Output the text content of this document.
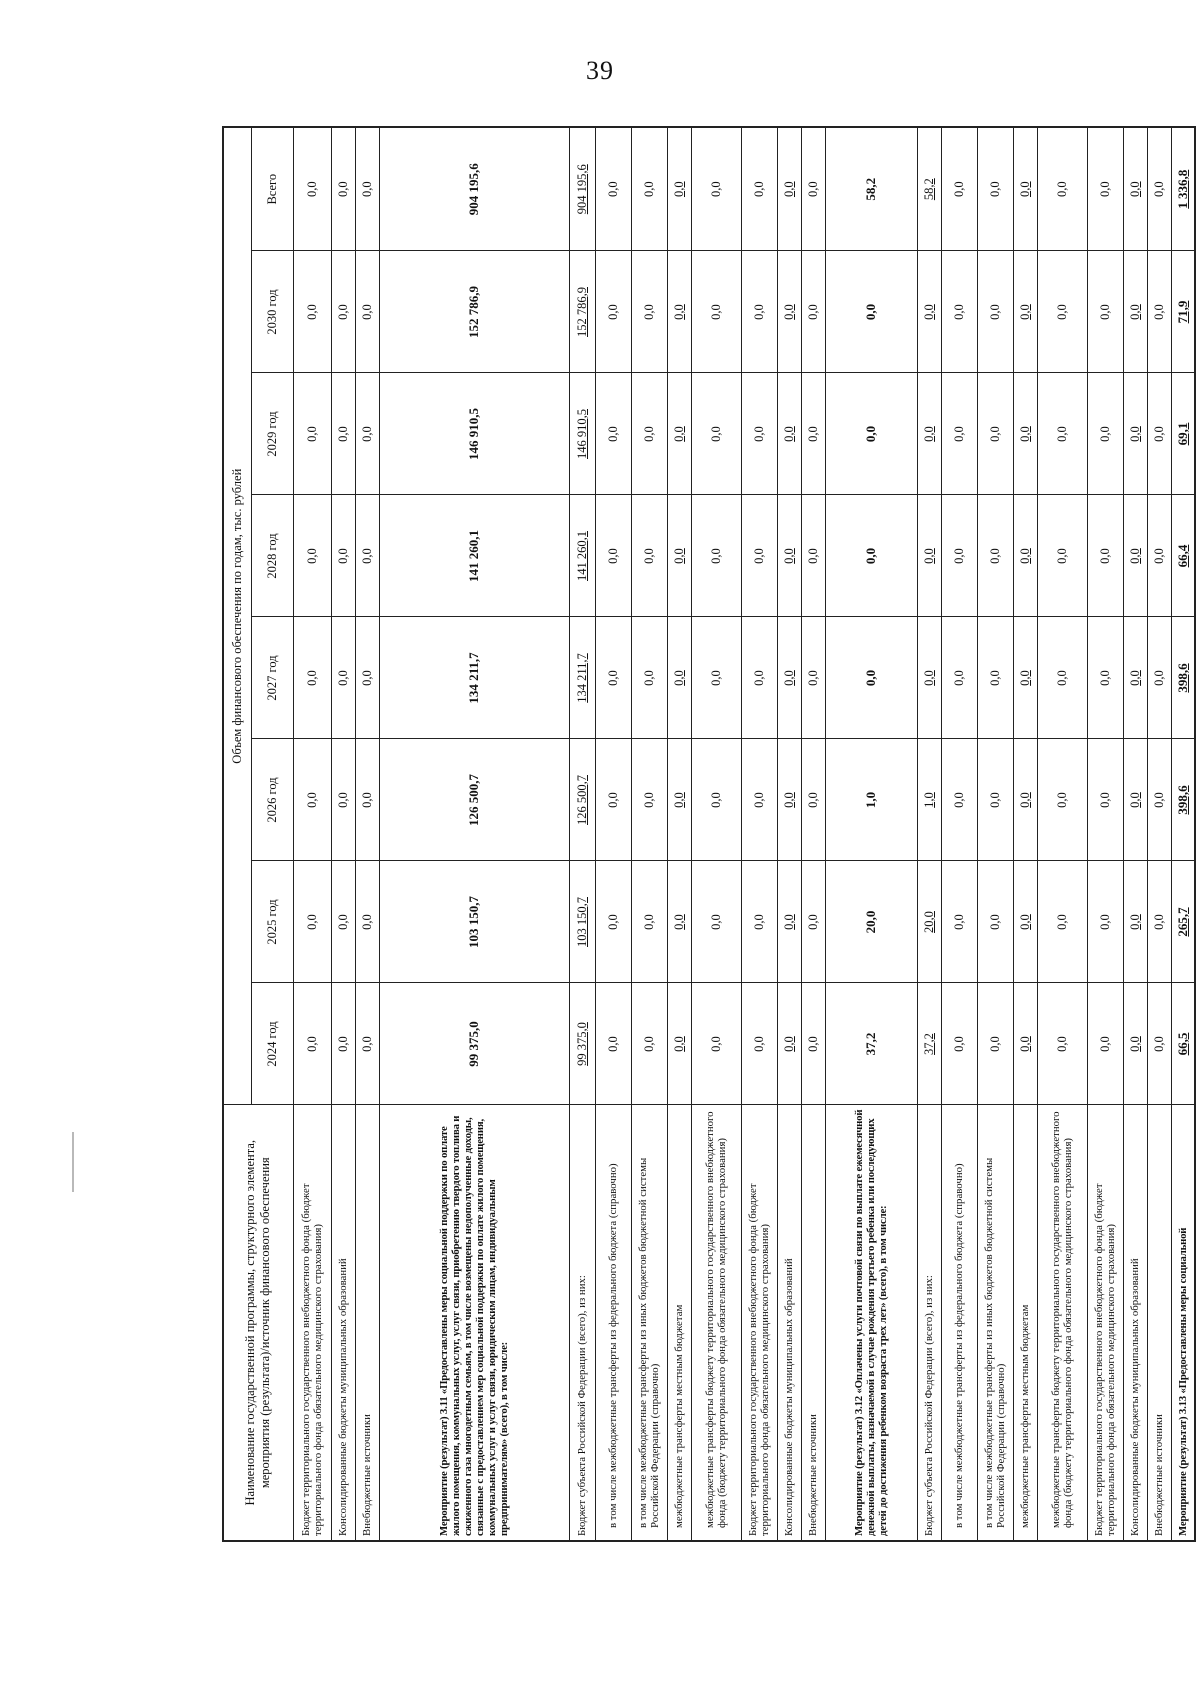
39
Наименование государственной программы, структурного элемента, мероприятия (результата)/источник финансового обеспечения	Объем финансового обеспечения по годам, тыс. рублей							
	2024 год	2025 год	2026 год	2027 год	2028 год	2029 год	2030 год	Всего
Бюджет территориального государственного внебюджетного фонда (бюджет территориального фонда обязательного медицинского страхования)	0,0	0,0	0,0	0,0	0,0	0,0	0,0	0,0
Консолидированные бюджеты муниципальных образований	0,0	0,0	0,0	0,0	0,0	0,0	0,0	0,0
Внебюджетные источники	0,0	0,0	0,0	0,0	0,0	0,0	0,0	0,0
Мероприятие (результат) 3.11 «Предоставлены меры социальной поддержки по оплате жилого помещения, коммунальных услуг, услуг связи, приобретению твердого топлива и сжиженного газа многодетным семьям, в том числе возмещены недополученные доходы, связанные с предоставлением мер социальной поддержки по оплате жилого помещения, коммунальных услуг и услуг связи, юридическим лицам, индивидуальным предпринимателям» (всего), в том числе:	99 375,0	103 150,7	126 500,7	134 211,7	141 260,1	146 910,5	152 786,9	904 195,6
Бюджет субъекта Российской Федерации (всего), из них:	99 375,0	103 150,7	126 500,7	134 211,7	141 260,1	146 910,5	152 786,9	904 195,6
в том числе межбюджетные трансферты из федерального бюджета (справочно)	0,0	0,0	0,0	0,0	0,0	0,0	0,0	0,0
в том числе межбюджетные трансферты из иных бюджетов бюджетной системы Российской Федерации (справочно)	0,0	0,0	0,0	0,0	0,0	0,0	0,0	0,0
межбюджетные трансферты местным бюджетам	0,0	0,0	0,0	0,0	0,0	0,0	0,0	0,0
межбюджетные трансферты бюджету территориального государственного внебюджетного фонда (бюджету территориального фонда обязательного медицинского страхования)	0,0	0,0	0,0	0,0	0,0	0,0	0,0	0,0
Бюджет территориального государственного внебюджетного фонда (бюджет территориального фонда обязательного медицинского страхования)	0,0	0,0	0,0	0,0	0,0	0,0	0,0	0,0
Консолидированные бюджеты муниципальных образований	0,0	0,0	0,0	0,0	0,0	0,0	0,0	0,0
Внебюджетные источники	0,0	0,0	0,0	0,0	0,0	0,0	0,0	0,0
Мероприятие (результат) 3.12 «Оплачены услуги почтовой связи по выплате ежемесячной денежной выплаты, назначаемой в случае рождения третьего ребенка или последующих детей до достижения ребенком возраста трех лет» (всего), в том числе:	37,2	20,0	1,0	0,0	0,0	0,0	0,0	58,2
Бюджет субъекта Российской Федерации (всего), из них:	37,2	20,0	1,0	0,0	0,0	0,0	0,0	58,2
в том числе межбюджетные трансферты из федерального бюджета (справочно)	0,0	0,0	0,0	0,0	0,0	0,0	0,0	0,0
в том числе межбюджетные трансферты из иных бюджетов бюджетной системы Российской Федерации (справочно)	0,0	0,0	0,0	0,0	0,0	0,0	0,0	0,0
межбюджетные трансферты местным бюджетам	0,0	0,0	0,0	0,0	0,0	0,0	0,0	0,0
межбюджетные трансферты бюджету территориального государственного внебюджетного фонда (бюджету территориального фонда обязательного медицинского страхования)	0,0	0,0	0,0	0,0	0,0	0,0	0,0	0,0
Бюджет территориального государственного внебюджетного фонда (бюджет территориального фонда обязательного медицинского страхования)	0,0	0,0	0,0	0,0	0,0	0,0	0,0	0,0
Консолидированные бюджеты муниципальных образований	0,0	0,0	0,0	0,0	0,0	0,0	0,0	0,0
Внебюджетные источники	0,0	0,0	0,0	0,0	0,0	0,0	0,0	0,0
Мероприятие (результат) 3.13 «Предоставлены меры социальной	66,5	265,7	398,6	398,6	66,4	69,1	71,9	1 336,8
